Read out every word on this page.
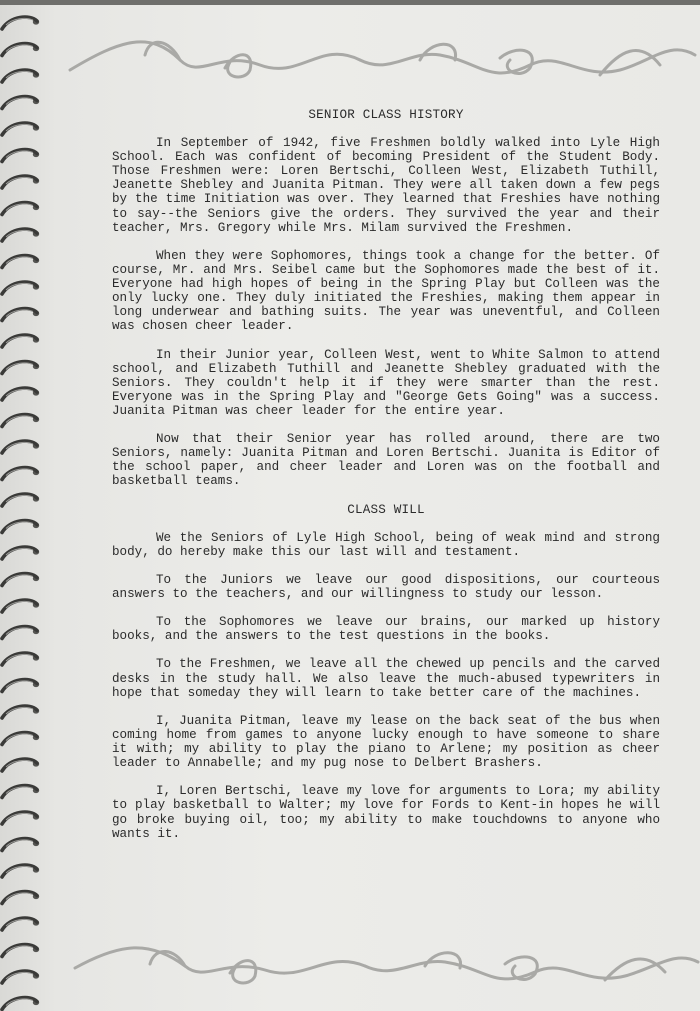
SENIOR CLASS HISTORY

In September of 1942, five Freshmen boldly walked into Lyle High School. Each was confident of becoming President of the Student Body. Those Freshmen were: Loren Bertschi, Colleen West, Elizabeth Tuthill, Jeanette Shebley and Juanita Pitman. They were all taken down a few pegs by the time Initiation was over. They learned that Freshies have nothing to say--the Seniors give the orders. They survived the year and their teacher, Mrs. Gregory while Mrs. Milam survived the Freshmen.

When they were Sophomores, things took a change for the better. Of course, Mr. and Mrs. Seibel came but the Sophomores made the best of it. Everyone had high hopes of being in the Spring Play but Colleen was the only lucky one. They duly initiated the Freshies, making them appear in long underwear and bathing suits. The year was uneventful, and Colleen was chosen cheer leader.

In their Junior year, Colleen West, went to White Salmon to attend school, and Elizabeth Tuthill and Jeanette Shebley graduated with the Seniors. They couldn't help it if they were smarter than the rest. Everyone was in the Spring Play and "George Gets Going" was a success. Juanita Pitman was cheer leader for the entire year.

Now that their Senior year has rolled around, there are two Seniors, namely: Juanita Pitman and Loren Bertschi. Juanita is Editor of the school paper, and cheer leader and Loren was on the football and basketball teams.

CLASS WILL

We the Seniors of Lyle High School, being of weak mind and strong body, do hereby make this our last will and testament.

To the Juniors we leave our good dispositions, our courteous answers to the teachers, and our willingness to study our lesson.

To the Sophomores we leave our brains, our marked up history books, and the answers to the test questions in the books.

To the Freshmen, we leave all the chewed up pencils and the carved desks in the study hall. We also leave the much-abused typewriters in hope that someday they will learn to take better care of the machines.

I, Juanita Pitman, leave my lease on the back seat of the bus when coming home from games to anyone lucky enough to have someone to share it with; my ability to play the piano to Arlene; my position as cheer leader to Annabelle; and my pug nose to Delbert Brashers.

I, Loren Bertschi, leave my love for arguments to Lora; my ability to play basketball to Walter; my love for Fords to Kent-in hopes he will go broke buying oil, too; my ability to make touchdowns to anyone who wants it.
